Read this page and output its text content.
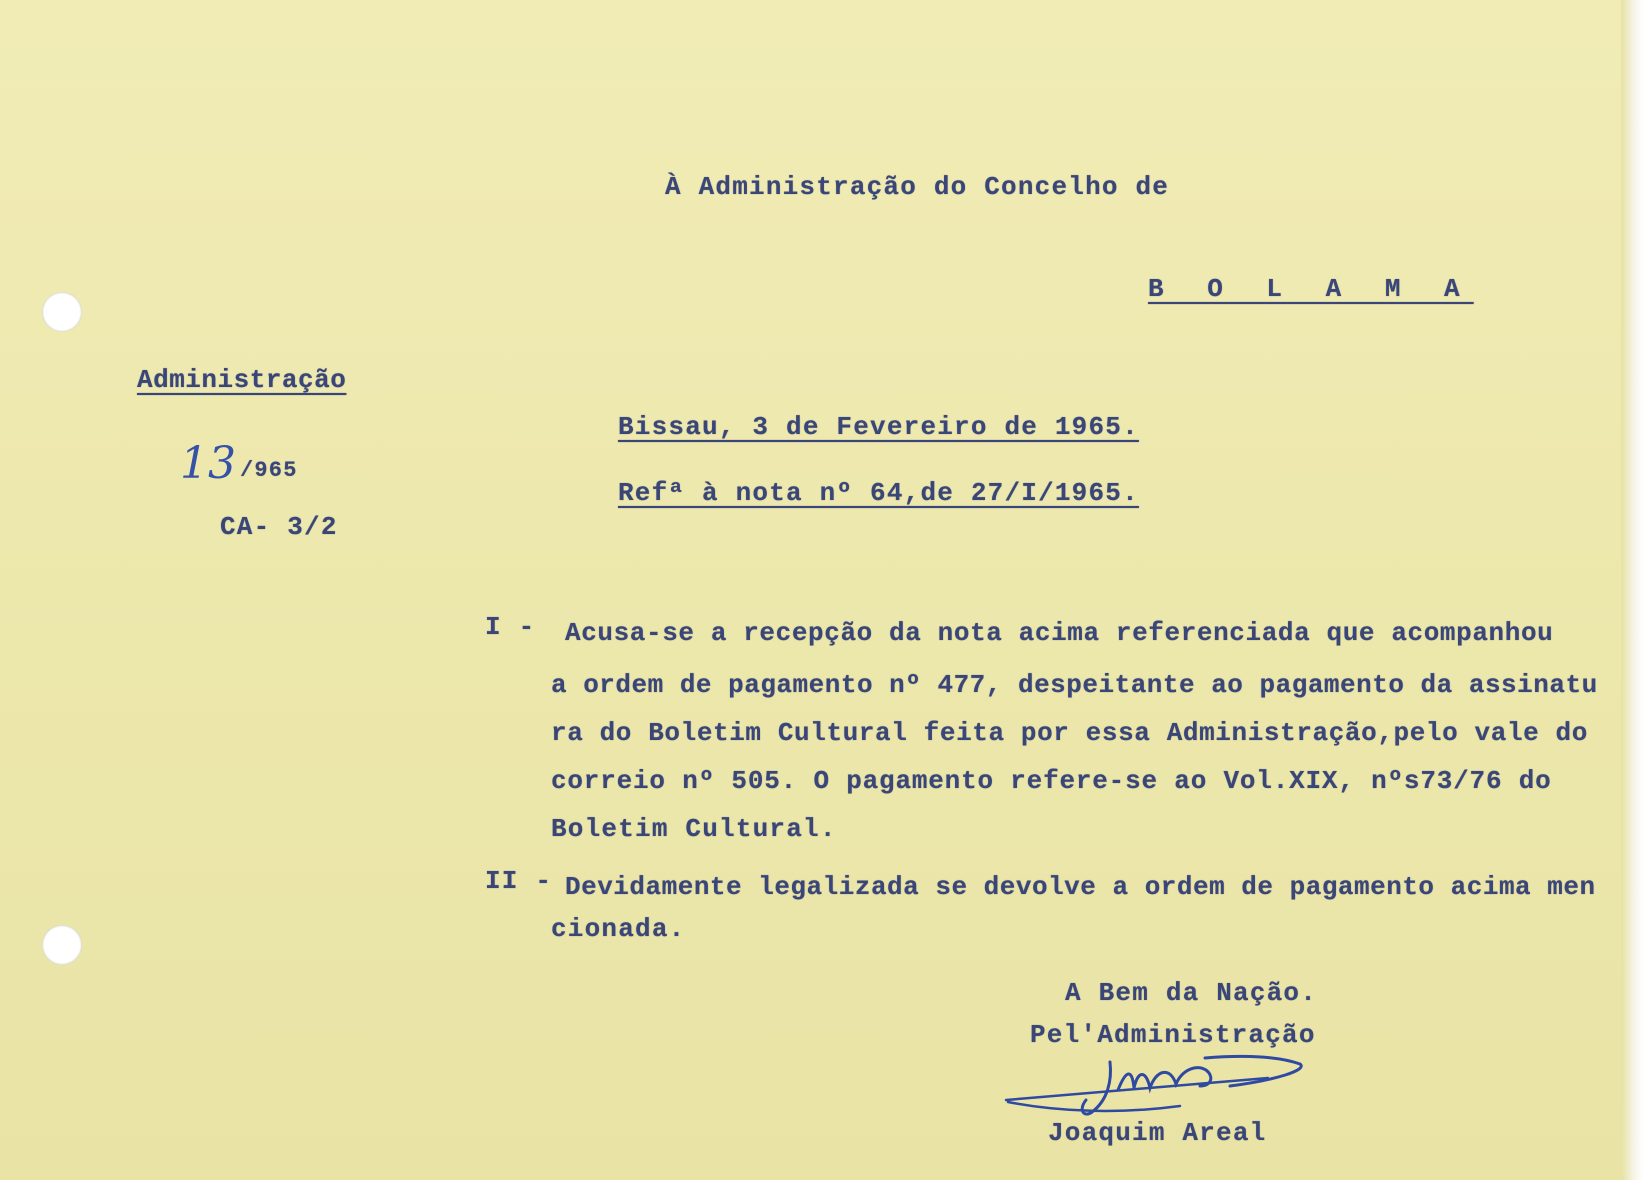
À Administração do Concelho de
B O L A M A
Administração
13 /965
CA- 3/2
Bissau, 3 de Fevereiro de 1965.
Refª à nota nº 64,de 27/I/1965.
I - Acusa-se a recepção da nota acima referenciada que acompanhou
a ordem de pagamento nº 477, despeitante ao pagamento da assinatu
ra do Boletim Cultural feita por essa Administração,pelo vale do
correio nº 505. O pagamento refere-se ao Vol.XIX, nºs73/76 do
Boletim Cultural.
II - Devidamente legalizada se devolve a ordem de pagamento acima men
cionada.
A Bem da Nação.
Pel'Administração
Joaquim Areal
